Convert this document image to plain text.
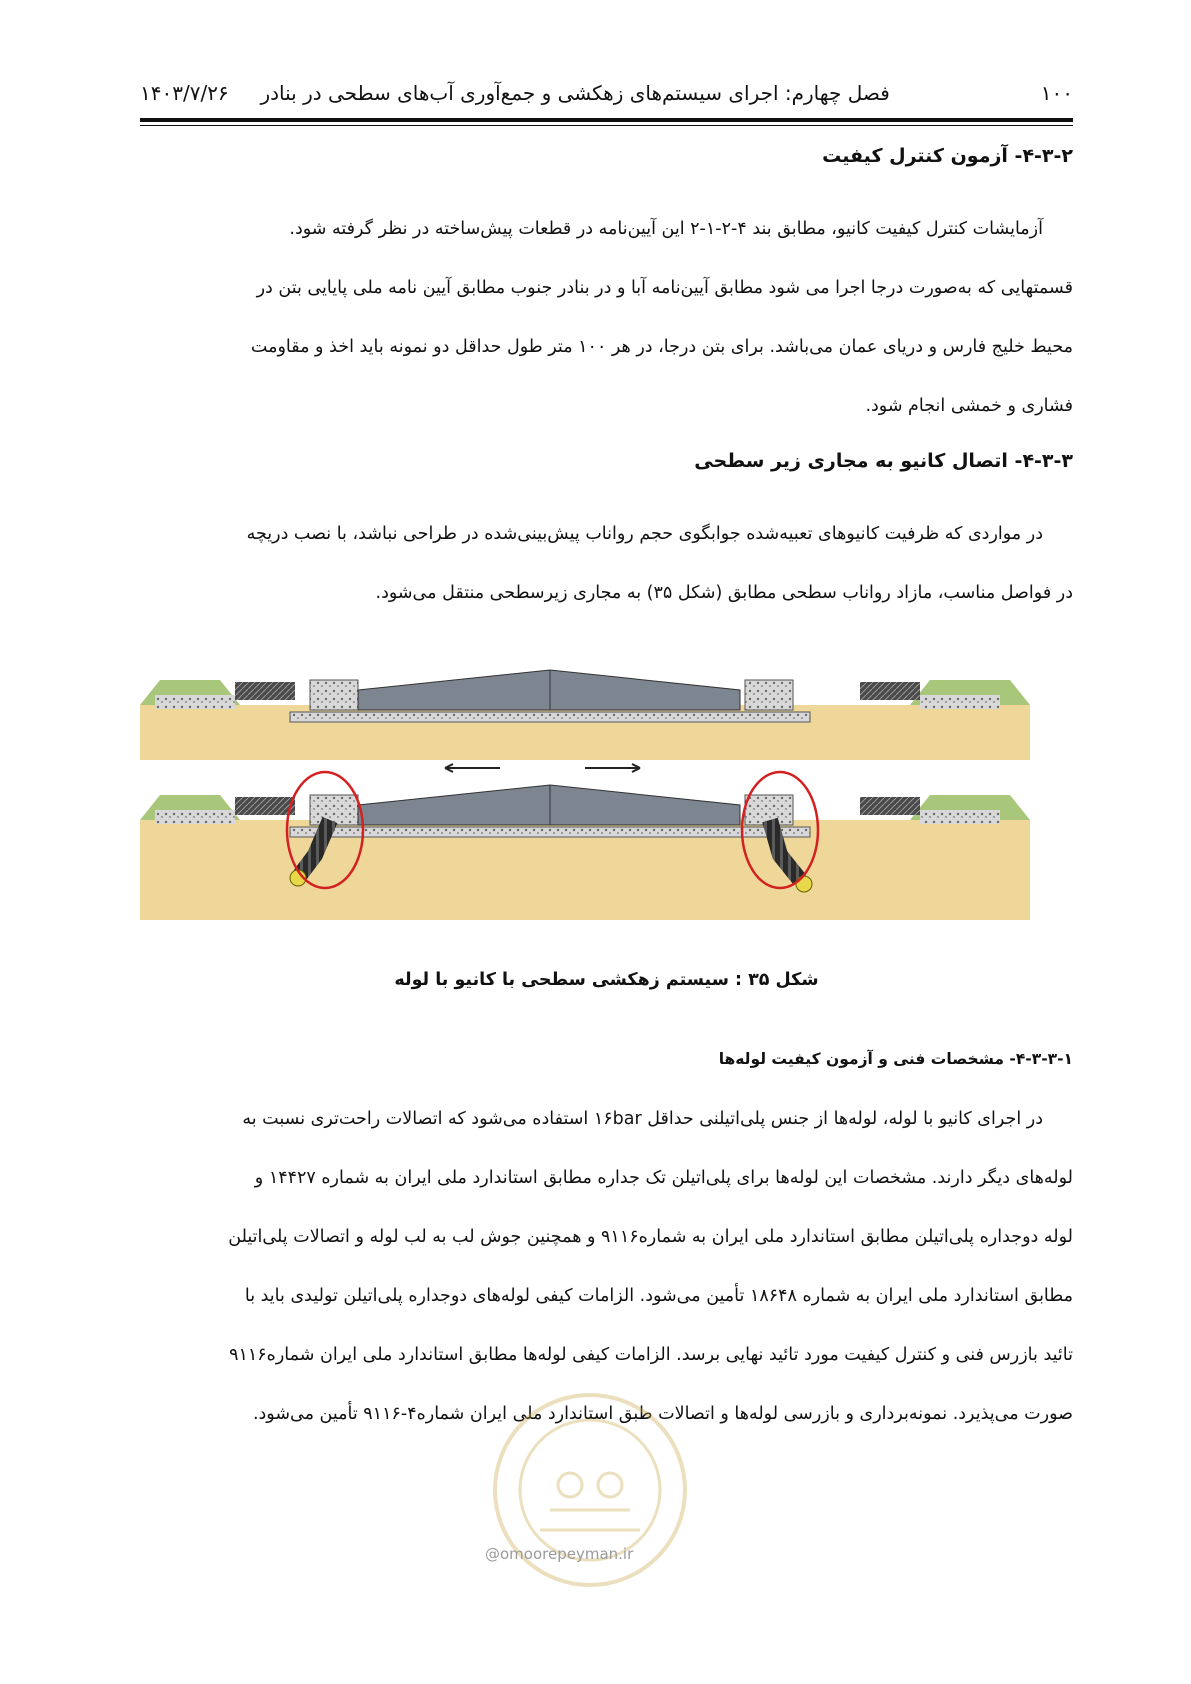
۱۰۰
فصل چهارم: اجرای سیستم‌های زهکشی و جمع‌آوری آب‌های سطحی در بنادر     ۱۴۰۳/۷/۲۶
۴-۳-۲- آزمون کنترل کیفیت
آزمایشات کنترل کیفیت کانیو، مطابق بند ۴-۲-۱-۲ این آیین‌نامه در قطعات پیش‌ساخته در نظر گرفته شود.
قسمتهایی که به‌صورت درجا اجرا می شود مطابق آیین‌نامه آبا و در بنادر جنوب مطابق آیین نامه ملی پایایی بتن در
محیط خلیج فارس و دریای عمان می‌باشد. برای بتن درجا، در هر ۱۰۰ متر طول حداقل دو نمونه باید اخذ و مقاومت
فشاری و خمشی انجام شود.
۴-۳-۳- اتصال کانیو به مجاری زیر سطحی
در مواردی که ظرفیت کانیوهای تعبیه‌شده جوابگوی حجم رواناب پیش‌بینی‌شده در طراحی نباشد، با نصب دریچه
در فواصل مناسب، مازاد رواناب سطحی مطابق (شکل ۳۵) به مجاری زیرسطحی منتقل می‌شود.
شکل ۳۵ : سیستم زهکشی سطحی با کانیو با لوله
۴-۳-۳-۱- مشخصات فنی و آزمون کیفیت لوله‌ها
در اجرای کانیو با لوله، لوله‌ها از جنس پلی‌اتیلنی حداقل ۱۶bar استفاده می‌شود که اتصالات راحت‌تری نسبت به
لوله‌های دیگر دارند. مشخصات این لوله‌ها برای پلی‌اتیلن تک جداره مطابق استاندارد ملی ایران به شماره ۱۴۴۲۷ و
لوله دوجداره پلی‌اتیلن مطابق استاندارد ملی ایران به شماره۹۱۱۶ و همچنین جوش لب به لب لوله و اتصالات پلی‌اتیلن
مطابق استاندارد ملی ایران به شماره ۱۸۶۴۸ تأمین می‌شود. الزامات کیفی لوله‌های دوجداره پلی‌اتیلن تولیدی باید با
تائید بازرس فنی و کنترل کیفیت مورد تائید نهایی برسد. الزامات کیفی لوله‌ها مطابق استاندارد ملی ایران شماره۹۱۱۶
صورت می‌پذیرد. نمونه‌برداری و بازرسی لوله‌ها و اتصالات طبق استاندارد ملی ایران شماره۴-۹۱۱۶ تأمین می‌شود.
@omoorepeyman.ir
